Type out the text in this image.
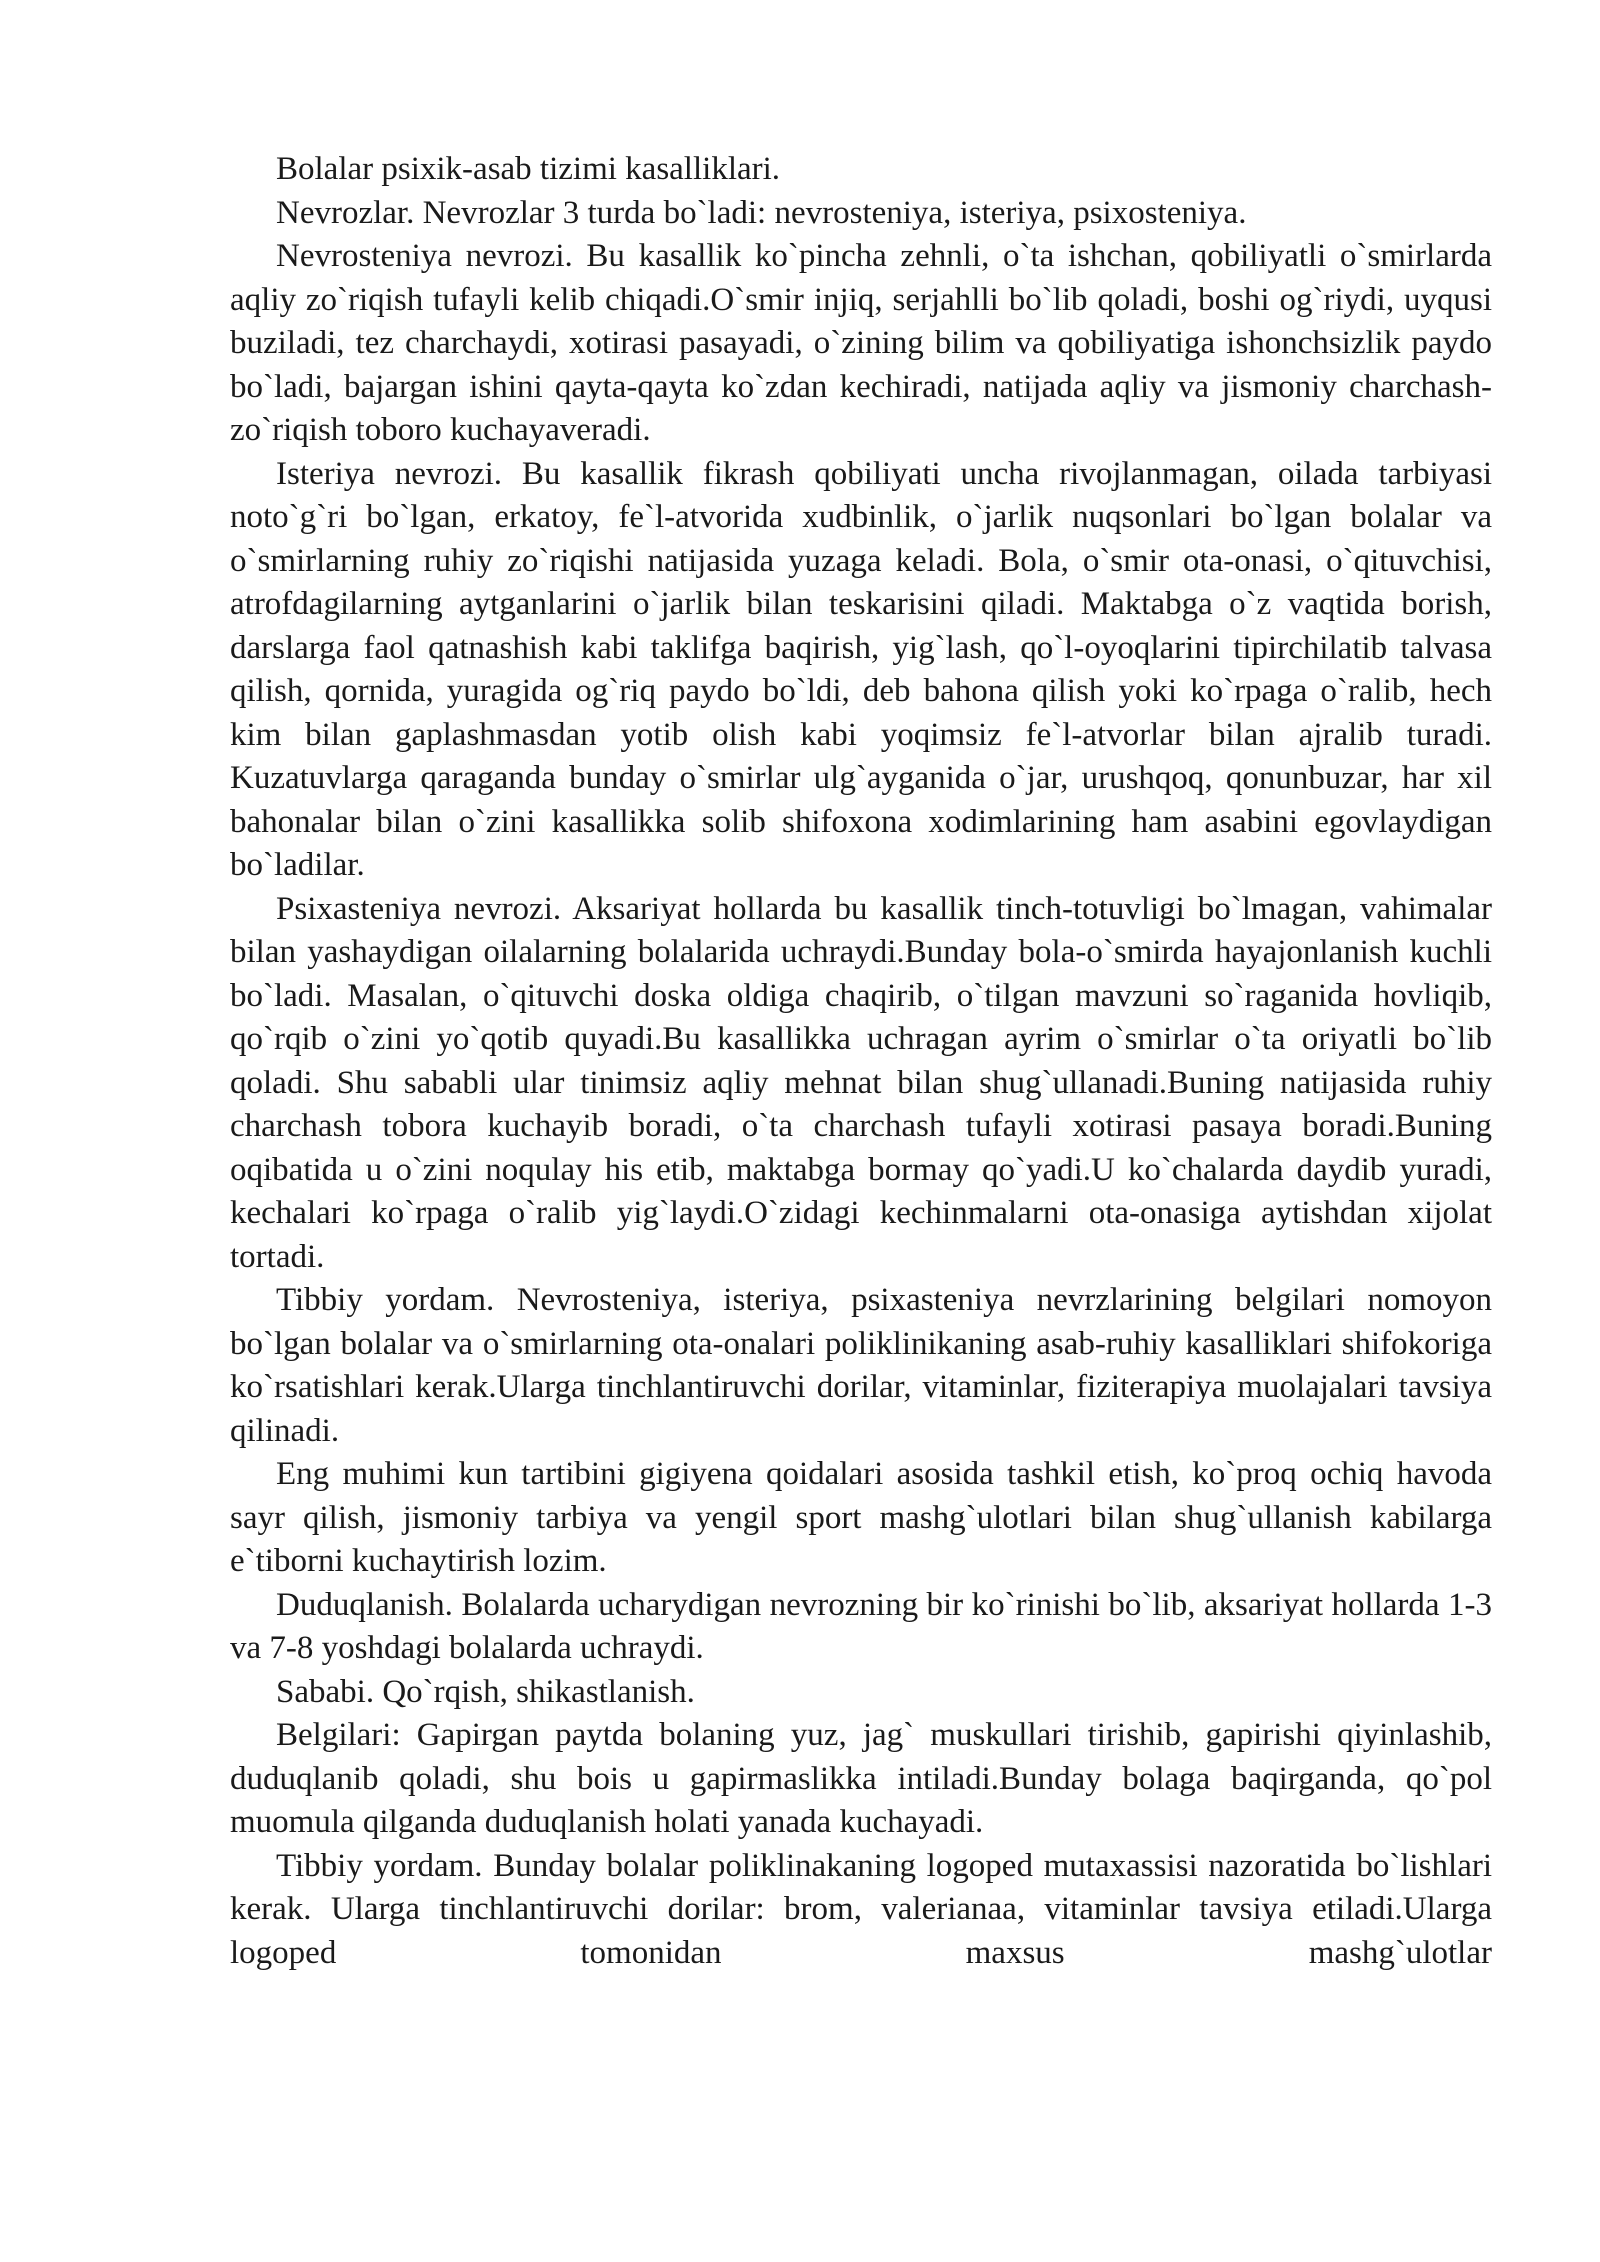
Bolalar psixik-asab tizimi kasalliklari.

Nevrozlar. Nevrozlar 3 turda bo`ladi: nevrosteniya, isteriya, psixosteniya.

Nevrosteniya nevrozi. Bu kasallik ko`pincha zehnli, o`ta ishchan, qobiliyatli o`smirlarda aqliy zo`riqish tufayli kelib chiqadi.O`smir injiq, serjahlli bo`lib qoladi, boshi og`riydi, uyqusi buziladi, tez charchaydi, xotirasi pasayadi, o`zining bilim va qobiliyatiga ishonchsizlik paydo bo`ladi, bajargan ishini qayta-qayta ko`zdan kechiradi, natijada aqliy va jismoniy charchash-zo`riqish toboro kuchayaveradi.

Isteriya nevrozi. Bu kasallik fikrash qobiliyati uncha rivojlanmagan, oilada tarbiyasi noto`g`ri bo`lgan, erkatoy, fe`l-atvorida xudbinlik, o`jarlik nuqsonlari bo`lgan bolalar va o`smirlarning ruhiy zo`riqishi natijasida yuzaga keladi. Bola, o`smir ota-onasi, o`qituvchisi, atrofdagilarning aytganlarini o`jarlik bilan teskarisini qiladi. Maktabga o`z vaqtida borish, darslarga faol qatnashish kabi taklifga baqirish, yig`lash, qo`l-oyoqlarini tipirchilatib talvasa qilish, qornida, yuragida og`riq paydo bo`ldi, deb bahona qilish yoki ko`rpaga o`ralib, hech kim bilan gaplashmasdan yotib olish kabi yoqimsiz fe`l-atvorlar bilan ajralib turadi. Kuzatuvlarga qaraganda bunday o`smirlar ulg`ayganida o`jar, urushqoq, qonunbuzar, har xil bahonalar bilan o`zini kasallikka solib shifoxona xodimlarining ham asabini egovlaydigan bo`ladilar.

Psixasteniya nevrozi. Aksariyat hollarda bu kasallik tinch-totuvligi bo`lmagan, vahimalar bilan yashaydigan oilalarning bolalarida uchraydi.Bunday bola-o`smirda hayajonlanish kuchli bo`ladi. Masalan, o`qituvchi doska oldiga chaqirib, o`tilgan mavzuni so`raganida hovliqib, qo`rqib o`zini yo`qotib quyadi.Bu kasallikka uchragan ayrim o`smirlar o`ta oriyatli bo`lib qoladi. Shu sababli ular tinimsiz aqliy mehnat bilan shug`ullanadi.Buning natijasida ruhiy charchash tobora kuchayib boradi, o`ta charchash tufayli xotirasi pasaya boradi.Buning oqibatida u o`zini noqulay his etib, maktabga bormay qo`yadi.U ko`chalarda daydib yuradi, kechalari ko`rpaga o`ralib yig`laydi.O`zidagi kechinmalarni ota-onasiga aytishdan xijolat tortadi.

Tibbiy yordam. Nevrosteniya, isteriya, psixasteniya nevrzlarining belgilari nomoyon bo`lgan bolalar va o`smirlarning ota-onalari poliklinikaning asab-ruhiy kasalliklari shifokoriga ko`rsatishlari kerak.Ularga tinchlantiruvchi dorilar, vitaminlar, fiziterapiya muolajalari tavsiya qilinadi.

Eng muhimi kun tartibini gigiyena qoidalari asosida tashkil etish, ko`proq ochiq havoda sayr qilish, jismoniy tarbiya va yengil sport mashg`ulotlari bilan shug`ullanish kabilarga e`tiborni kuchaytirish lozim.

Duduqlanish. Bolalarda ucharydigan nevrozning bir ko`rinishi bo`lib, aksariyat hollarda 1-3 va 7-8 yoshdagi bolalarda uchraydi.

Sababi. Qo`rqish, shikastlanish.

Belgilari: Gapirgan paytda bolaning yuz, jag` muskullari tirishib, gapirishi qiyinlashib, duduqlanib qoladi, shu bois u gapirmaslikka intiladi.Bunday bolaga baqirganda, qo`pol muomula qilganda duduqlanish holati yanada kuchayadi.

Tibbiy yordam. Bunday bolalar poliklinakaning logoped mutaxassisi nazoratida bo`lishlari kerak. Ularga tinchlantiruvchi dorilar: brom, valerianaa, vitaminlar tavsiya etiladi.Ularga logoped tomonidan maxsus mashg`ulotlar
